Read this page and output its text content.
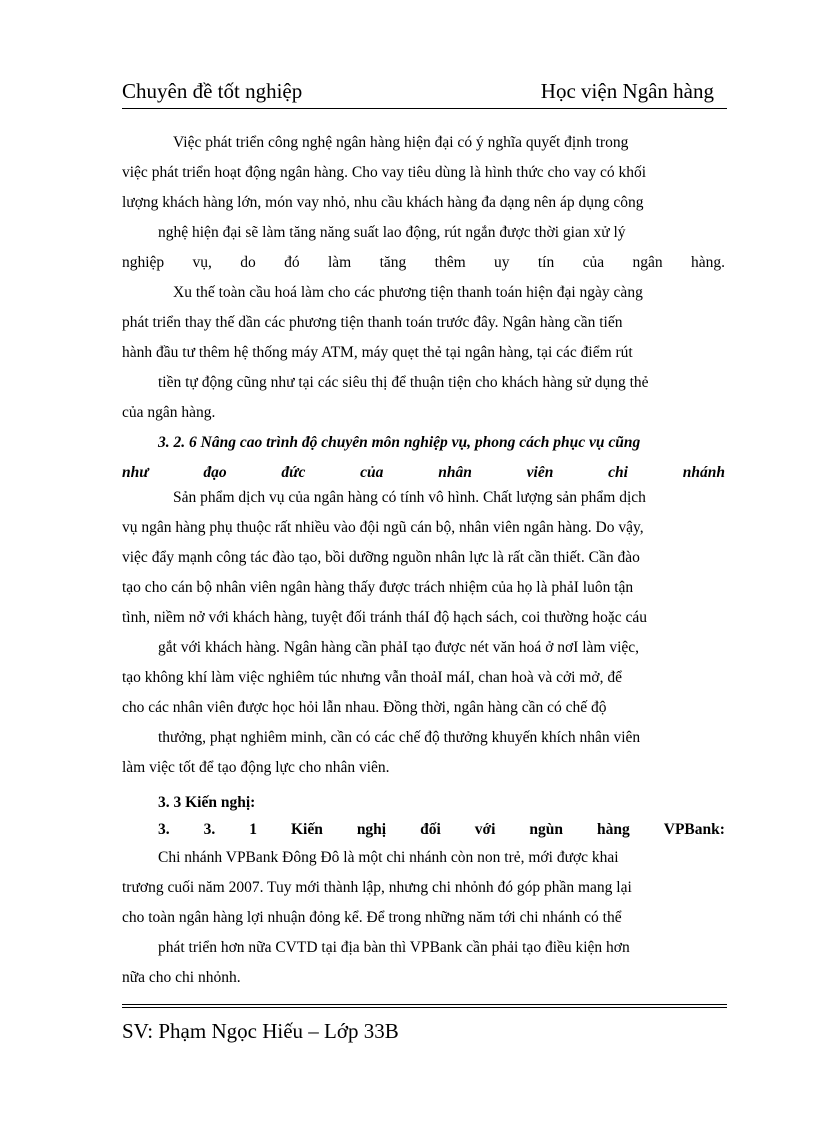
Chuyên đề tốt nghiệp	Học viện Ngân hàng
Việc phát triển công nghệ ngân hàng hiện đại có ý nghĩa quyết định trong
việc phát triển hoạt động ngân hàng. Cho vay tiêu dùng là hình thức cho vay có khối
lượng khách hàng lớn, món vay nhỏ, nhu cầu khách hàng đa dạng nên áp dụng công
nghệ hiện đại sẽ làm tăng năng suất lao động, rút ngắn được thời gian xử lý
nghiệp vụ, do đó làm tăng thêm uy tín của ngân hàng.
Xu thế toàn cầu hoá làm cho các phương tiện thanh toán hiện đại ngày càng
phát triển thay thế dần các phương tiện thanh toán trước đây. Ngân hàng cần tiến
hành đầu tư thêm hệ thống máy ATM, máy quẹt thẻ tại ngân hàng, tại các điểm rút
tiền tự động cũng như tại các siêu thị để thuận tiện cho khách hàng sử dụng thẻ
của ngân hàng.
3. 2. 6 Nâng cao trình độ chuyên môn nghiệp vụ, phong cách phục vụ cũng
như	đạo	đức	của	nhân	viên	chi	nhánh
Sản phẩm dịch vụ của ngân hàng có tính vô hình. Chất lượng sản phẩm dịch
vụ ngân hàng phụ thuộc rất nhiều vào đội ngũ cán bộ, nhân viên ngân hàng. Do vậy,
việc đẩy mạnh công tác đào tạo, bồi dưỡng nguồn nhân lực là rất cần thiết. Cần đào
tạo cho cán bộ nhân viên ngân hàng thấy được trách nhiệm của họ là phảI luôn tận
tình, niềm nở với khách hàng, tuyệt đối tránh tháI độ hạch sách, coi thường hoặc cáu
gắt với khách hàng. Ngân hàng cần phảI tạo được nét văn hoá ở nơI làm việc,
tạo không khí làm việc nghiêm túc nhưng vẫn thoảI máI, chan hoà và cởi mở, để
cho các nhân viên được học hỏi lẫn nhau. Đồng thời, ngân hàng cần có chế độ
thưởng, phạt nghiêm minh, cần có các chế độ thưởng khuyến khích nhân viên
làm việc tốt để tạo động lực cho nhân viên.
3. 3 Kiến nghị:
3. 3. 1 Kiến nghị đối với ngùn hàng VPBank:
Chi nhánh VPBank Đông Đô là một chi nhánh còn non trẻ, mới được khai
trương cuối năm 2007. Tuy mới thành lập, nhưng chi nhỏnh đó góp phần mang lại
cho toàn ngân hàng lợi nhuận đỏng kể. Để trong những năm tới chi nhánh có thể
phát triển hơn nữa CVTD tại địa bàn thì VPBank cần phải tạo điều kiện hơn
nữa cho chi nhỏnh.
SV: Phạm Ngọc Hiếu – Lớp 33B
